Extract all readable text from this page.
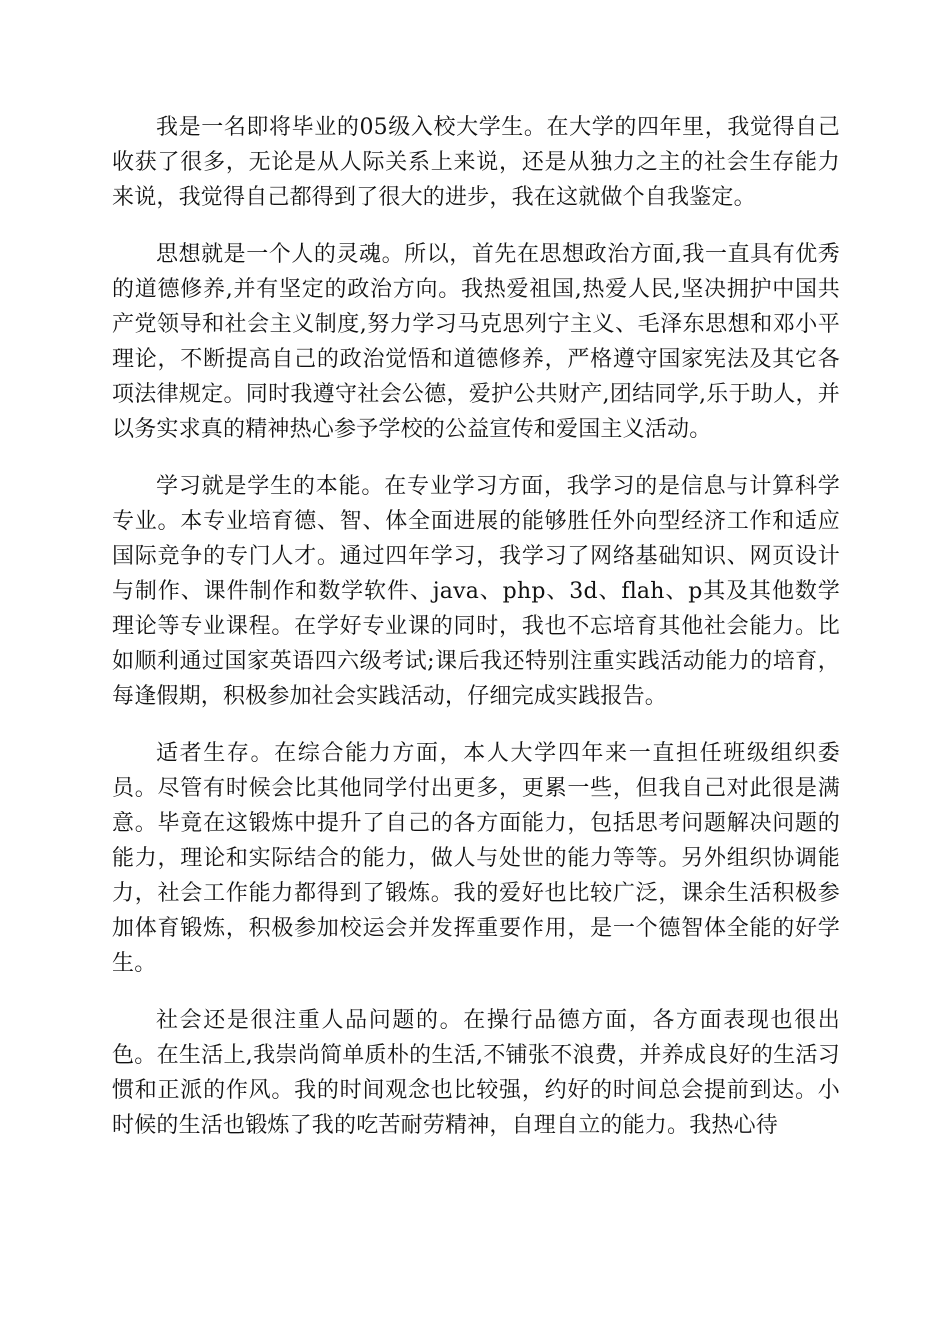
我是一名即将毕业的05级入校大学生。在大学的四年里，我觉得自己收获了很多，无论是从人际关系上来说，还是从独力之主的社会生存能力来说，我觉得自己都得到了很大的进步，我在这就做个自我鉴定。

思想就是一个人的灵魂。所以，首先在思想政治方面,我一直具有优秀的道德修养,并有坚定的政治方向。我热爱祖国,热爱人民,坚决拥护中国共产党领导和社会主义制度,努力学习马克思列宁主义、毛泽东思想和邓小平理论，不断提高自己的政治觉悟和道德修养，严格遵守国家宪法及其它各项法律规定。同时我遵守社会公德，爱护公共财产,团结同学,乐于助人，并以务实求真的精神热心参予学校的公益宣传和爱国主义活动。

学习就是学生的本能。在专业学习方面，我学习的是信息与计算科学专业。本专业培育德、智、体全面进展的能够胜任外向型经济工作和适应国际竞争的专门人才。通过四年学习，我学习了网络基础知识、网页设计与制作、课件制作和数学软件、java、php、3d、flah、p其及其他数学理论等专业课程。在学好专业课的同时，我也不忘培育其他社会能力。比如顺利通过国家英语四六级考试;课后我还特别注重实践活动能力的培育，每逢假期，积极参加社会实践活动，仔细完成实践报告。

适者生存。在综合能力方面，本人大学四年来一直担任班级组织委员。尽管有时候会比其他同学付出更多，更累一些，但我自己对此很是满意。毕竟在这锻炼中提升了自己的各方面能力，包括思考问题解决问题的能力，理论和实际结合的能力，做人与处世的能力等等。另外组织协调能力，社会工作能力都得到了锻炼。我的爱好也比较广泛，课余生活积极参加体育锻炼，积极参加校运会并发挥重要作用，是一个德智体全能的好学生。

社会还是很注重人品问题的。在操行品德方面，各方面表现也很出色。在生活上,我崇尚简单质朴的生活,不铺张不浪费，并养成良好的生活习惯和正派的作风。我的时间观念也比较强，约好的时间总会提前到达。小时候的生活也锻炼了我的吃苦耐劳精神，自理自立的能力。我热心待
